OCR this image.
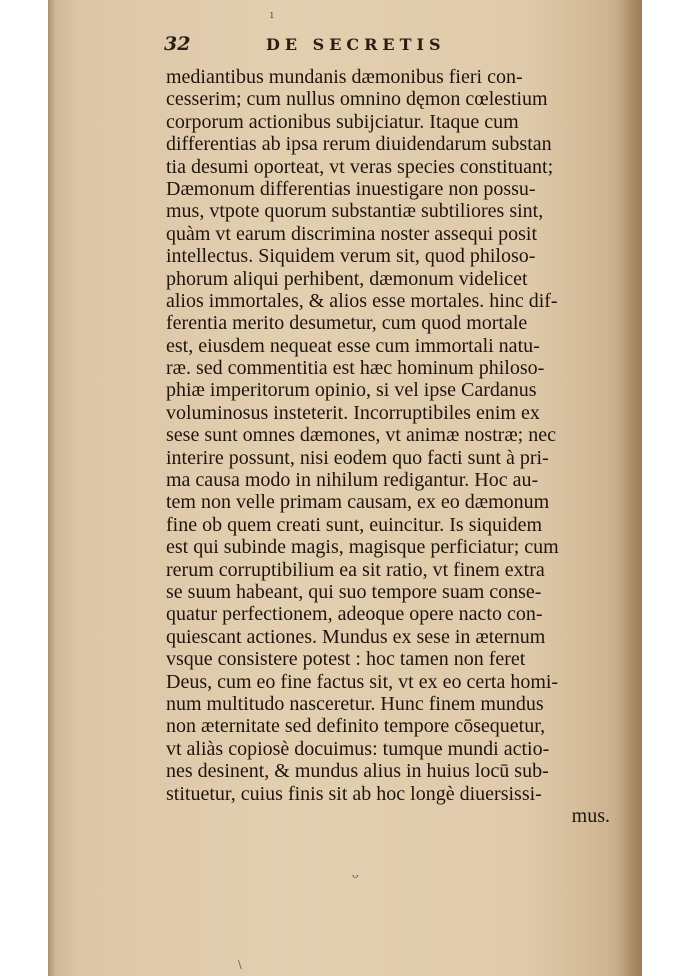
ı
32	DE SECRETIS
mediantibus mundanis dæmonibus fieri con-
cesserim; cum nullus omnino dęmon cœlestium
corporum actionibus subijciatur. Itaque cum
differentias ab ipsa rerum diuidendarum substan
tia desumi oporteat, vt veras species constituant;
Dæmonum differentias inuestigare non possu-
mus, vtpote quorum substantiæ subtiliores sint,
quàm vt earum discrimina noster assequi posit
intellectus. Siquidem verum sit, quod philoso-
phorum aliqui perhibent, dæmonum videlicet
alios immortales, & alios esse mortales. hinc dif-
ferentia merito desumetur, cum quod mortale
est, eiusdem nequeat esse cum immortali natu-
ræ. sed commentitia est hæc hominum philoso-
phiæ imperitorum opinio, si vel ipse Cardanus
voluminosus insteterit. Incorruptibiles enim ex
sese sunt omnes dæmones, vt animæ nostræ; nec
interire possunt, nisi eodem quo facti sunt à pri-
ma causa modo in nihilum redigantur. Hoc au-
tem non velle primam causam, ex eo dæmonum
fine ob quem creati sunt, euincitur. Is siquidem
est qui subinde magis, magisque perficiatur; cum
rerum corruptibilium ea sit ratio, vt finem extra
se suum habeant, qui suo tempore suam conse-
quatur perfectionem, adeoque opere nacto con-
quiescant actiones. Mundus ex sese in æternum
vsque consistere potest : hoc tamen non feret
Deus, cum eo fine factus sit, vt ex eo certa homi-
num multitudo nasceretur. Hunc finem mundus
non æternitate sed definito tempore cōsequetur,
vt aliàs copiosè docuimus: tumque mundi actio-
nes desinent, & mundus alius in huius locū sub-
stituetur, cuius finis sit ab hoc longè diuersissi-
mus.
ᴗ
\
